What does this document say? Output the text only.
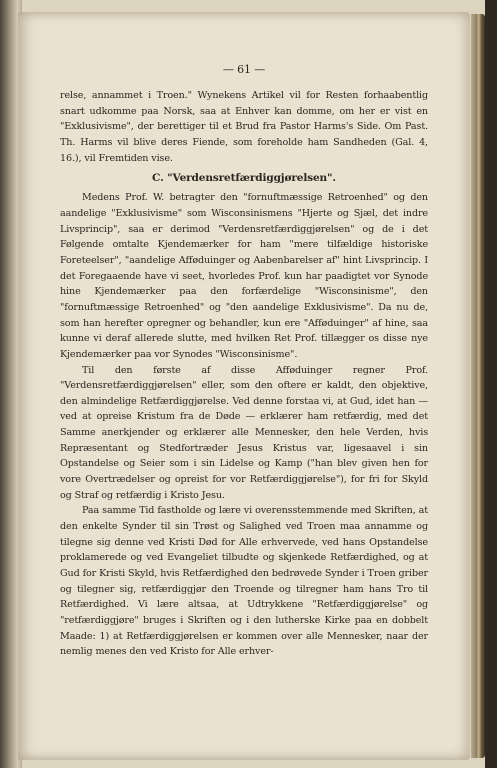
— 61 —

relse, annammet i Troen." Wynekens Artikel vil for Resten forhaabentlig snart udkomme paa Norsk, saa at Enhver kan domme, om her er vist en "Exklusivisme", der berettiger til et Brud fra Pastor Harms's Side. Om Past. Th. Harms vil blive deres Fiende, som foreholde ham Sandheden (Gal. 4, 16.), vil Fremtiden vise.

C. "Verdensretfærdiggjørelsen".

Medens Prof. W. betragter den "fornuftmæssige Retroenhed" og den aandelige "Exklusivisme" som Wisconsinismens "Hjerte og Sjæl, det indre Livsprincip", saa er derimod "Verdensretfærdiggjørelsen" og de i det Følgende omtalte Kjendemærker for ham "mere tilfældige historiske Foreteelser", "aandelige Afføduinger og Aabenbarelser af" hint Livsprincip. I det Foregaaende have vi seet, hvorledes Prof. kun har paadigtet vor Synode hine Kjendemærker paa den forfærdelige "Wisconsinisme", den "fornuftmæssige Retroenhed" og "den aandelige Exklusivisme". Da nu de, som han herefter opregner og behandler, kun ere "Afføduinger" af hine, saa kunne vi deraf allerede slutte, med hvilken Ret Prof. tillægger os disse nye Kjendemærker paa vor Synodes "Wisconsinisme".

Til den første af disse Afføduinger regner Prof. "Verdensretfærdiggjørelsen" eller, som den oftere er kaldt, den objektive, den almindelige Retfærdiggjørelse. Ved denne forstaa vi, at Gud, idet han — ved at opreise Kristum fra de Døde — erklærer ham retfærdig, med det Samme anerkjender og erklærer alle Mennesker, den hele Verden, hvis Repræsentant og Stedfortræder Jesus Kristus var, ligesaavel i sin Opstandelse og Seier som i sin Lidelse og Kamp ("han blev given hen for vore Overtrædelser og opreist for vor Retfærdiggjørelse"), for fri for Skyld og Straf og retfærdig i Kristo Jesu.

Paa samme Tid fastholde og lære vi overensstemmende med Skriften, at den enkelte Synder til sin Trøst og Salighed ved Troen maa annamme og tilegne sig denne ved Kristi Død for Alle erhvervede, ved hans Opstandelse proklamerede og ved Evangeliet tilbudte og skjenkede Retfærdighed, og at Gud for Kristi Skyld, hvis Retfærdighed den bedrøvede Synder i Troen griber og tilegner sig, retfærdiggjør den Troende og tilregner ham hans Tro til Retfærdighed. Vi lære altsaa, at Udtrykkene "Retfærdiggjørelse" og "retfærdiggjøre" bruges i Skriften og i den lutherske Kirke paa en dobbelt Maade: 1) at Retfærdiggjørelsen er kommen over alle Mennesker, naar der nemlig menes den ved Kristo for Alle erhver-
